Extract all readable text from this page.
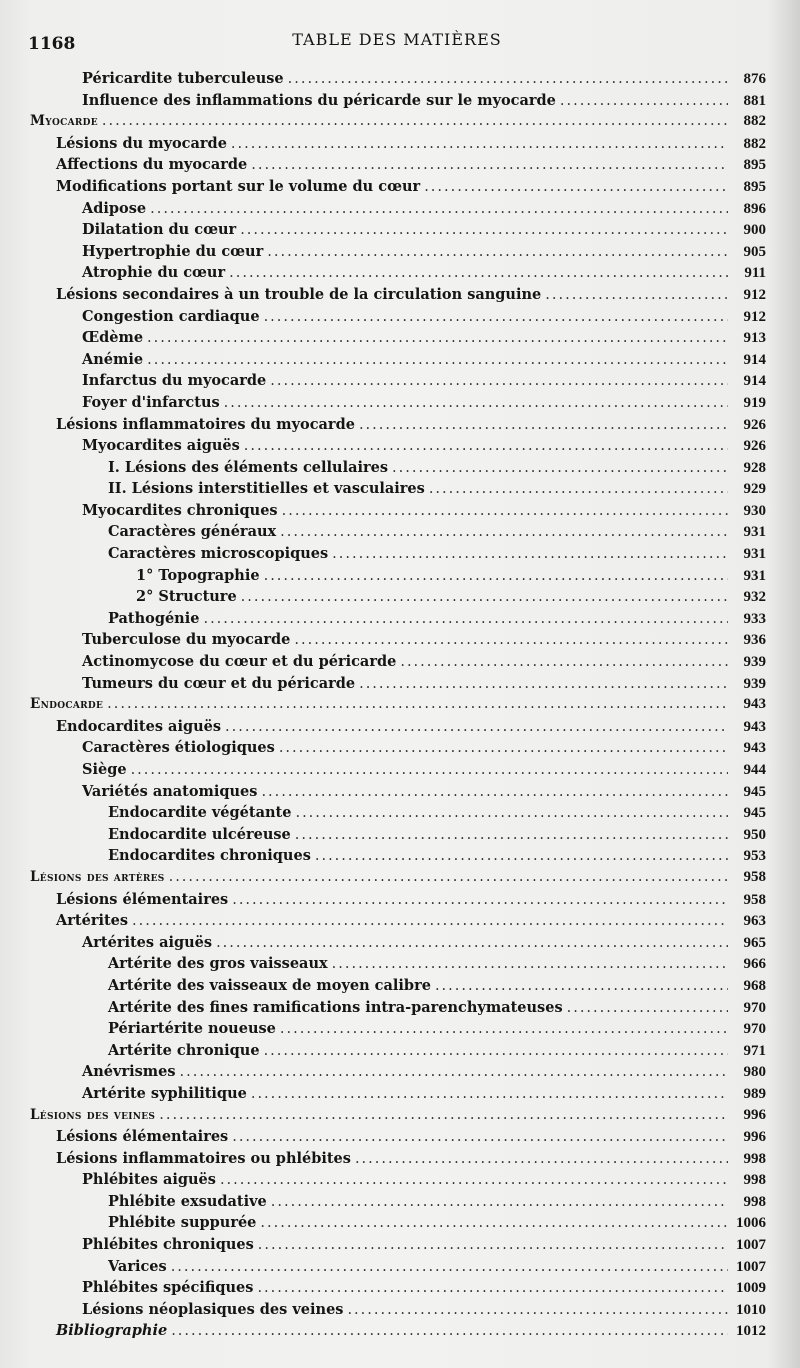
1168	TABLE DES MATIÈRES
Péricardite tuberculeuse .....	876
Influence des inflammations du péricarde sur le myocarde .....	881
Myocarde .....	882
Lésions du myocarde .....	882
Affections du myocarde .....	895
Modifications portant sur le volume du cœur .....	895
Adipose .....	896
Dilatation du cœur .....	900
Hypertrophie du cœur .....	905
Atrophie du cœur .....	911
Lésions secondaires à un trouble de la circulation sanguine .....	912
Congestion cardiaque .....	912
Œdème .....	913
Anémie .....	914
Infarctus du myocarde .....	914
Foyer d'infarctus .....	919
Lésions inflammatoires du myocarde .....	926
Myocardites aiguës .....	926
I. Lésions des éléments cellulaires .....	928
II. Lésions interstitielles et vasculaires .....	929
Myocardites chroniques .....	930
Caractères généraux .....	931
Caractères microscopiques .....	931
1° Topographie .....	931
2° Structure .....	932
Pathogénie .....	933
Tuberculose du myocarde .....	936
Actinomycose du cœur et du péricarde .....	939
Tumeurs du cœur et du péricarde .....	939
Endocarde .....	943
Endocardites aiguës .....	943
Caractères étiologiques .....	943
Siège .....	944
Variétés anatomiques .....	945
Endocardite végétante .....	945
Endocardite ulcéreuse .....	950
Endocardites chroniques .....	953
Lésions des artères .....	958
Lésions élémentaires .....	958
Artérites .....	963
Artérites aiguës .....	965
Artérite des gros vaisseaux .....	966
Artérite des vaisseaux de moyen calibre .....	968
Artérite des fines ramifications intra-parenchymateuses .....	970
Périartérite noueuse .....	970
Artérite chronique .....	971
Anévrismes .....	980
Artérite syphilitique .....	989
Lésions des veines .....	996
Lésions élémentaires .....	996
Lésions inflammatoires ou phlébites .....	998
Phlébites aiguës .....	998
Phlébite exsudative .....	998
Phlébite suppurée .....	1006
Phlébites chroniques .....	1007
Varices .....	1007
Phlébites spécifiques .....	1009
Lésions néoplasiques des veines .....	1010
Bibliographie .....	1012
